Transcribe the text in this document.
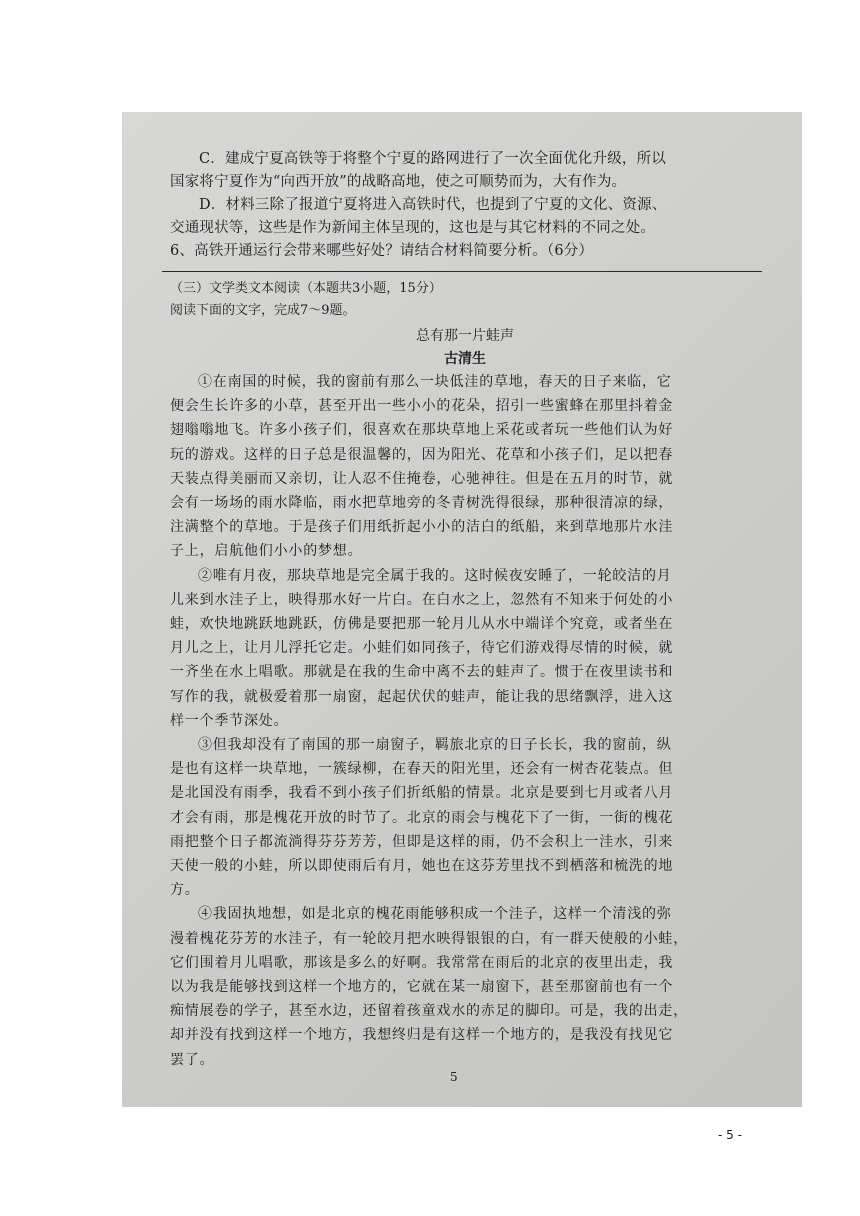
C．建成宁夏高铁等于将整个宁夏的路网进行了一次全面优化升级，所以
国家将宁夏作为“向西开放”的战略高地，使之可顺势而为，大有作为。
D．材料三除了报道宁夏将进入高铁时代，也提到了宁夏的文化、资源、
交通现状等，这些是作为新闻主体呈现的，这也是与其它材料的不同之处。
6、高铁开通运行会带来哪些好处？请结合材料简要分析。（6分）
（三）文学类文本阅读（本题共3小题，15分）
阅读下面的文字，完成7～9题。
总有那一片蛙声
古清生

①在南国的时候，我的窗前有那么一块低洼的草地，春天的日子来临，它
便会生长许多的小草，甚至开出一些小小的花朵，招引一些蜜蜂在那里抖着金
翅嗡嗡地飞。许多小孩子们，很喜欢在那块草地上采花或者玩一些他们认为好
玩的游戏。这样的日子总是很温馨的，因为阳光、花草和小孩子们，足以把春
天装点得美丽而又亲切，让人忍不住掩卷，心驰神往。但是在五月的时节，就
会有一场场的雨水降临，雨水把草地旁的冬青树洗得很绿，那种很清凉的绿，
注满整个的草地。于是孩子们用纸折起小小的洁白的纸船，来到草地那片水洼
子上，启航他们小小的梦想。

②唯有月夜，那块草地是完全属于我的。这时候夜安睡了，一轮皎洁的月
儿来到水洼子上，映得那水好一片白。在白水之上，忽然有不知来于何处的小
蛙，欢快地跳跃地跳跃，仿佛是要把那一轮月儿从水中端详个究竟，或者坐在
月儿之上，让月儿浮托它走。小蛙们如同孩子，待它们游戏得尽情的时候，就
一齐坐在水上唱歌。那就是在我的生命中离不去的蛙声了。惯于在夜里读书和
写作的我，就极爱着那一扇窗，起起伏伏的蛙声，能让我的思绪飘浮，进入这
样一个季节深处。

③但我却没有了南国的那一扇窗子，羁旅北京的日子长长，我的窗前，纵
是也有这样一块草地，一簇绿柳，在春天的阳光里，还会有一树杏花装点。但
是北国没有雨季，我看不到小孩子们折纸船的情景。北京是要到七月或者八月
才会有雨，那是槐花开放的时节了。北京的雨会与槐花下了一街，一街的槐花
雨把整个日子都流淌得芬芬芳芳，但即是这样的雨，仍不会积上一洼水，引来
天使一般的小蛙，所以即使雨后有月，她也在这芬芳里找不到栖落和梳洗的地
方。

④我固执地想，如是北京的槐花雨能够积成一个洼子，这样一个清浅的弥
漫着槐花芬芳的水洼子，有一轮皎月把水映得银银的白，有一群天使般的小蛙，
它们围着月儿唱歌，那该是多么的好啊。我常常在雨后的北京的夜里出走，我
以为我是能够找到这样一个地方的，它就在某一扇窗下，甚至那窗前也有一个
痴情展卷的学子，甚至水边，还留着孩童戏水的赤足的脚印。可是，我的出走，
却并没有找到这样一个地方，我想终归是有这样一个地方的，是我没有找见它
罢了。

5
- 5 -
